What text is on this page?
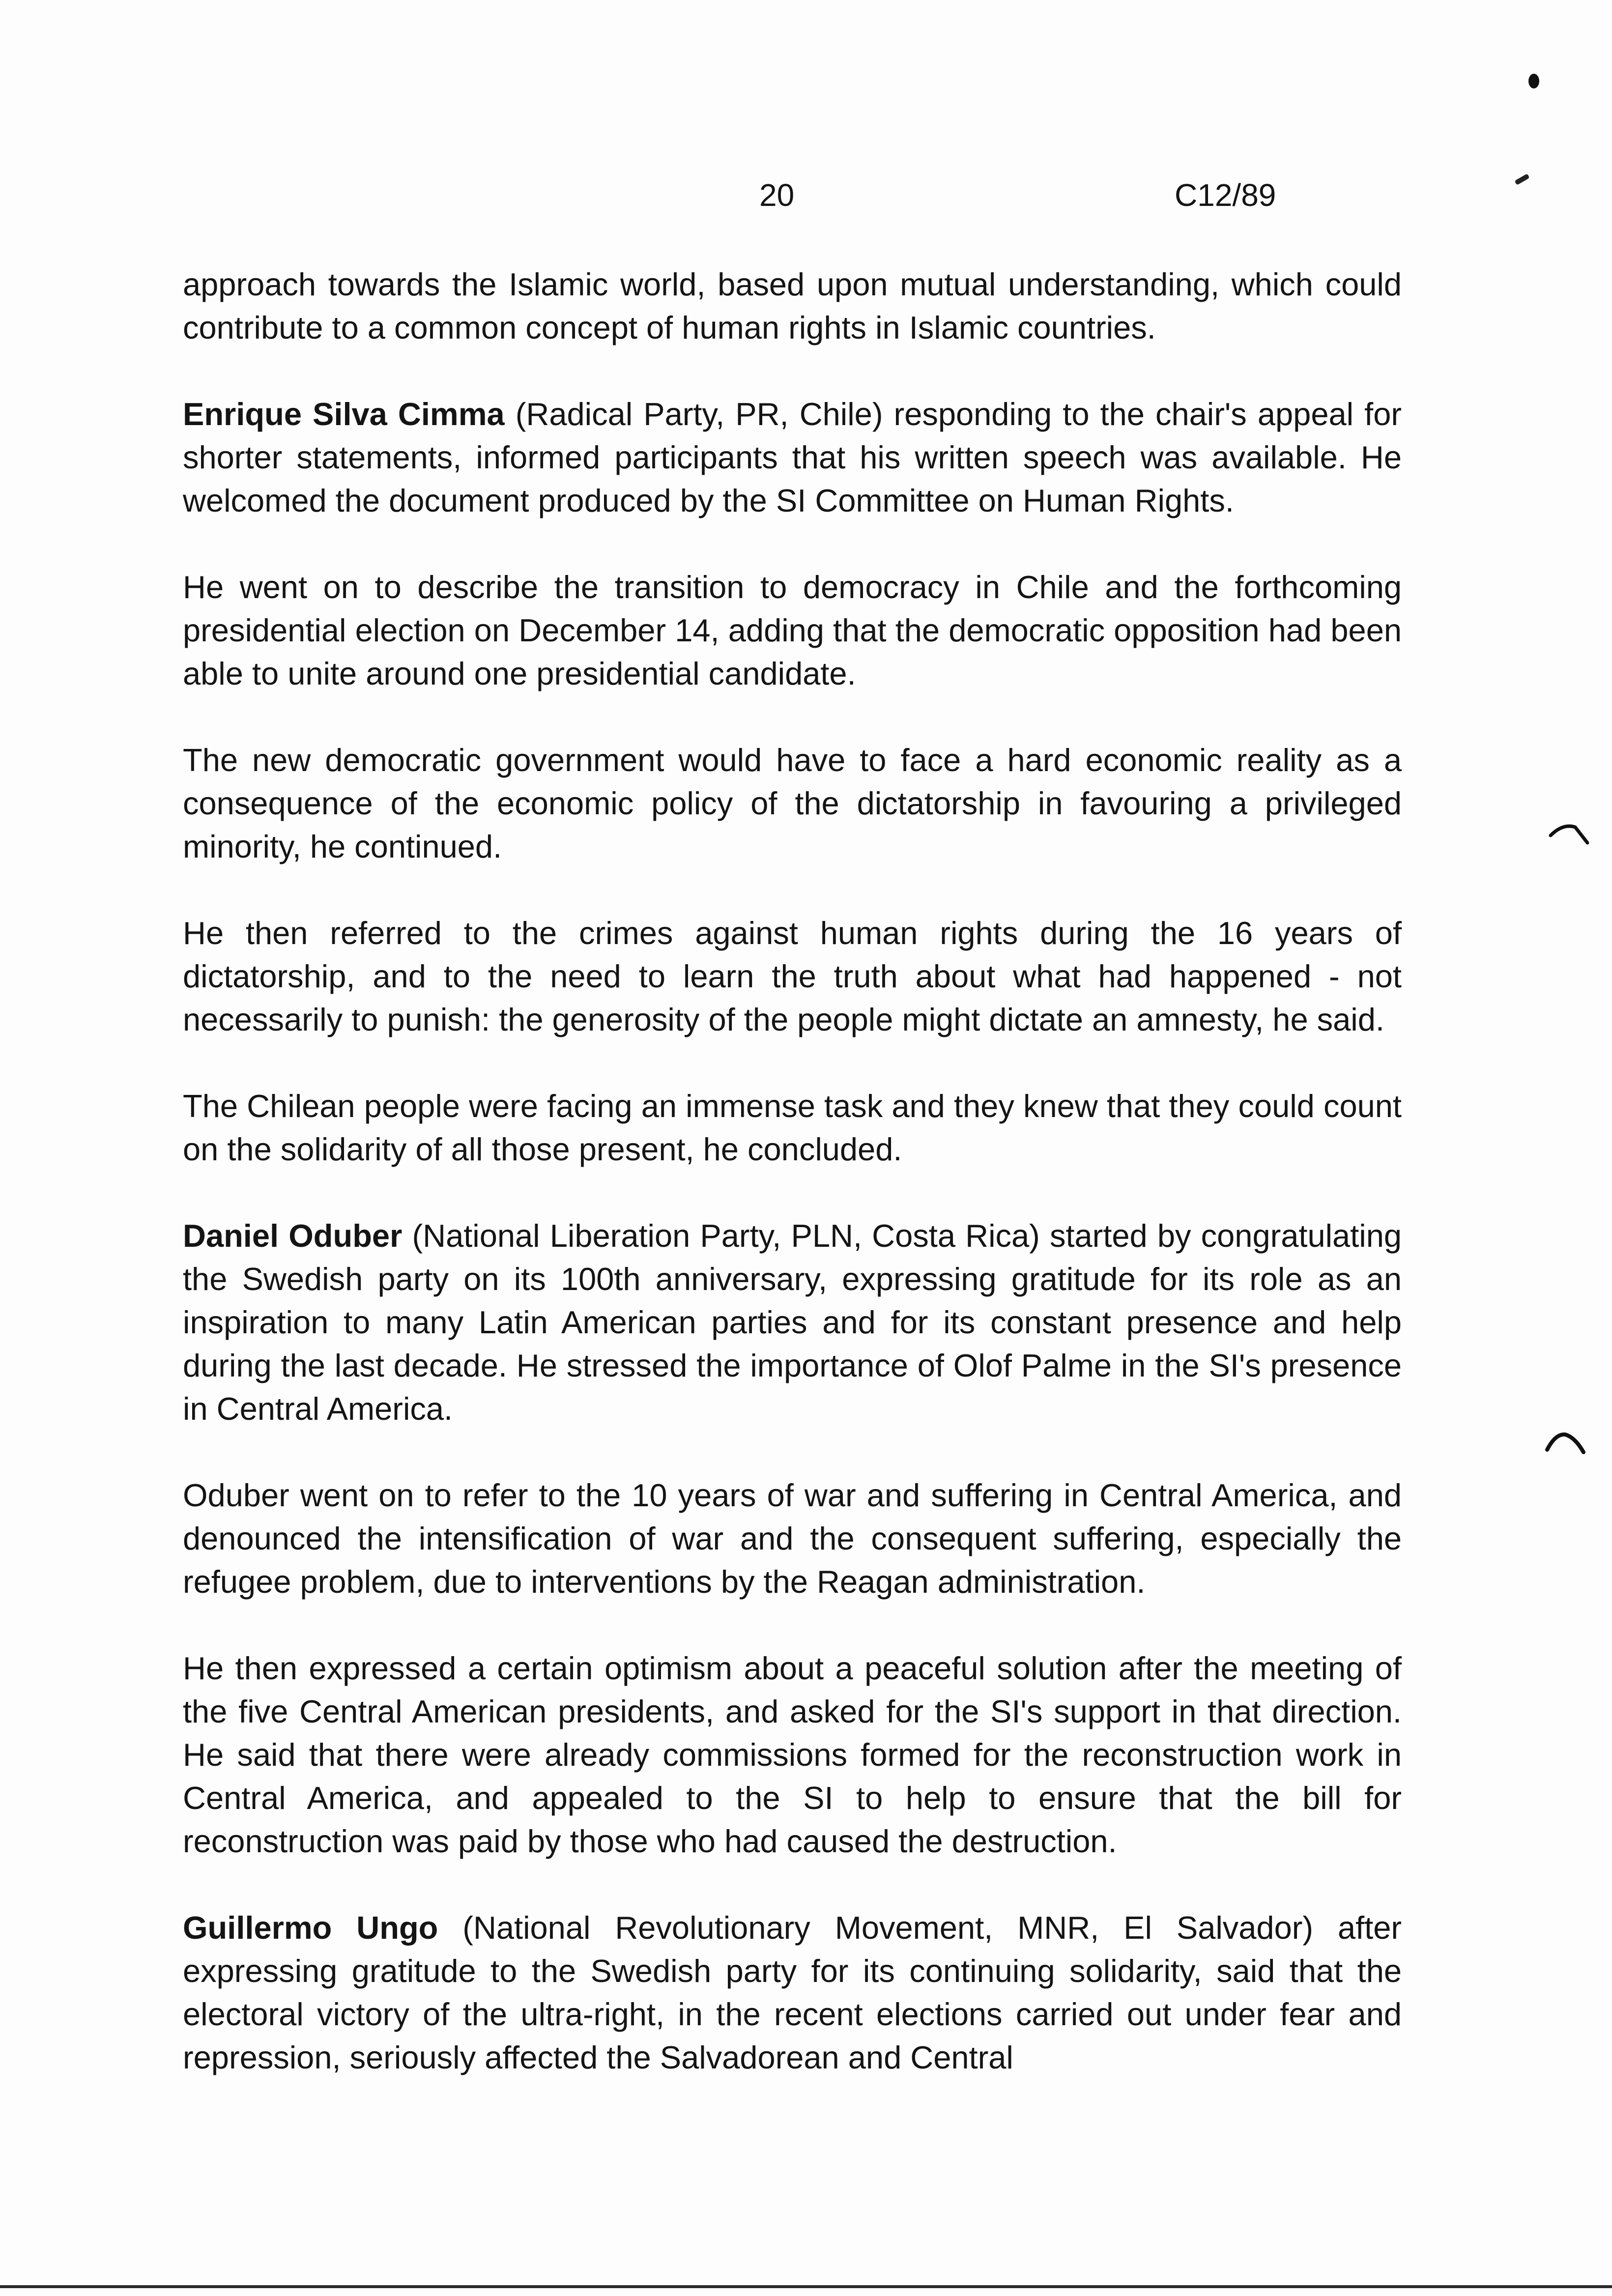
20	C12/89

approach towards the Islamic world, based upon mutual understanding, which could contribute to a common concept of human rights in Islamic countries.

Enrique Silva Cimma (Radical Party, PR, Chile) responding to the chair's appeal for shorter statements, informed participants that his written speech was available. He welcomed the document produced by the SI Committee on Human Rights.

He went on to describe the transition to democracy in Chile and the forthcoming presidential election on December 14, adding that the democratic opposition had been able to unite around one presidential candidate.

The new democratic government would have to face a hard economic reality as a consequence of the economic policy of the dictatorship in favouring a privileged minority, he continued.

He then referred to the crimes against human rights during the 16 years of dictatorship, and to the need to learn the truth about what had happened - not necessarily to punish: the generosity of the people might dictate an amnesty, he said.

The Chilean people were facing an immense task and they knew that they could count on the solidarity of all those present, he concluded.

Daniel Oduber (National Liberation Party, PLN, Costa Rica) started by congratulating the Swedish party on its 100th anniversary, expressing gratitude for its role as an inspiration to many Latin American parties and for its constant presence and help during the last decade. He stressed the importance of Olof Palme in the SI's presence in Central America.

Oduber went on to refer to the 10 years of war and suffering in Central America, and denounced the intensification of war and the consequent suffering, especially the refugee problem, due to interventions by the Reagan administration.

He then expressed a certain optimism about a peaceful solution after the meeting of the five Central American presidents, and asked for the SI's support in that direction. He said that there were already commissions formed for the reconstruction work in Central America, and appealed to the SI to help to ensure that the bill for reconstruction was paid by those who had caused the destruction.

Guillermo Ungo (National Revolutionary Movement, MNR, El Salvador) after expressing gratitude to the Swedish party for its continuing solidarity, said that the electoral victory of the ultra-right, in the recent elections carried out under fear and repression, seriously affected the Salvadorean and Central
